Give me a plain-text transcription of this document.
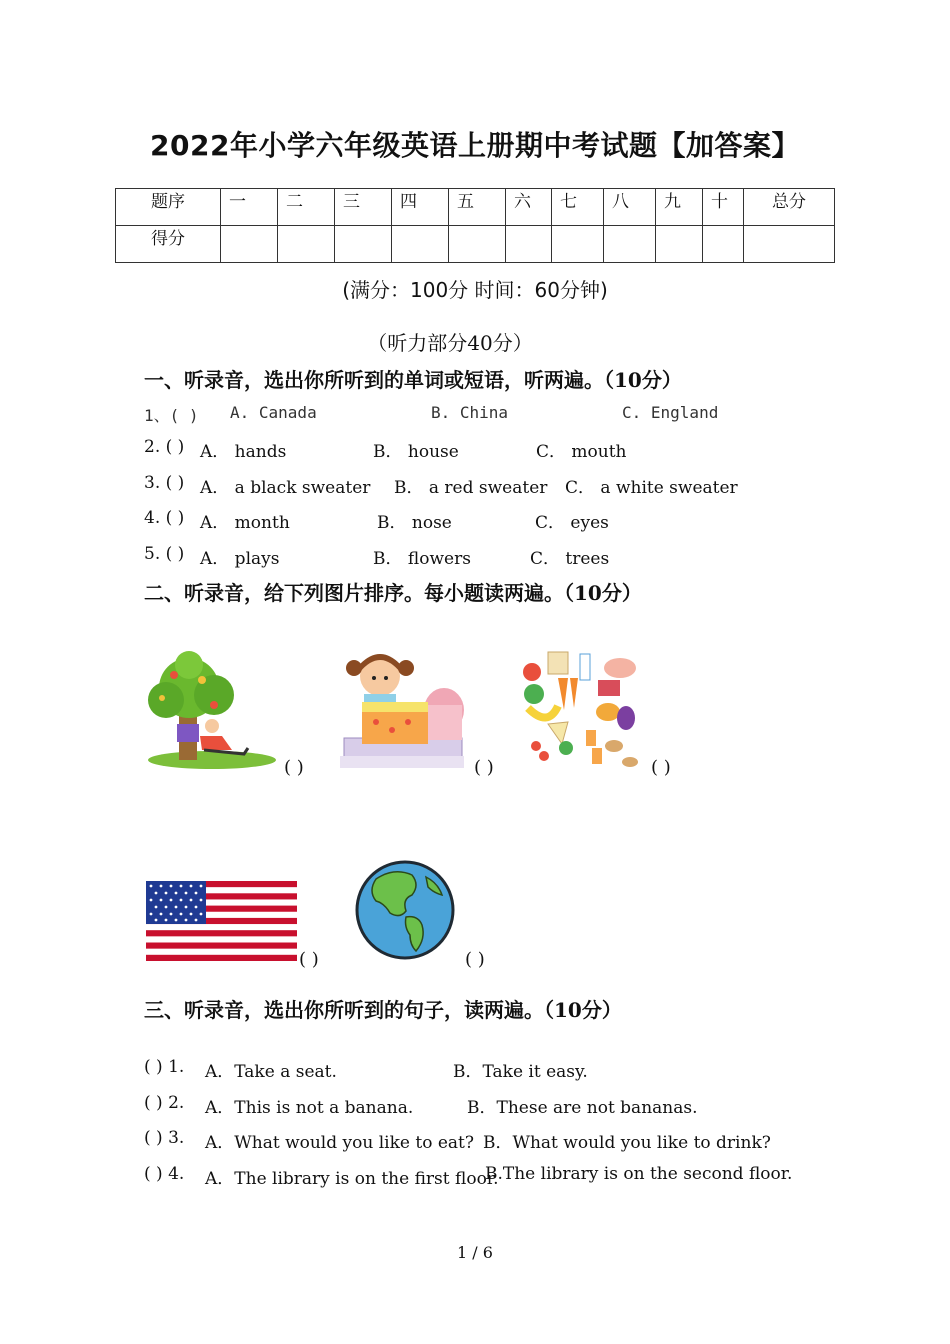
2022年小学六年级英语上册期中考试题【加答案】
题序	一	二	三	四	五	六	七	八	九	十	总分
得分											
(满分：100分 时间：60分钟)
（听力部分40分）
一、听录音，选出你所听到的单词或短语，听两遍。（10分）
1、( ) A. Canada	B. China	C. England
2. ( ) A． hands	B． house	C． mouth
3. ( ) A． a black sweater B． a red sweater C． a white sweater
4. ( ) A． month	B． nose	C． eyes
5. ( ) A． plays	B． flowers	C． trees
二、听录音，给下列图片排序。每小题读两遍。（10分）
( )	( )	( )
( )	( )
三、听录音，选出你所听到的句子，读两遍。（10分）
( ) 1. A．Take a seat.	B．Take it easy.
( ) 2. A．This is not a banana.	B．These are not bananas.
( ) 3. A．What would you like to eat? B．What would you like to drink?
( ) 4. A．The library is on the first floor.
B.The library is on the second floor.
1 / 6
